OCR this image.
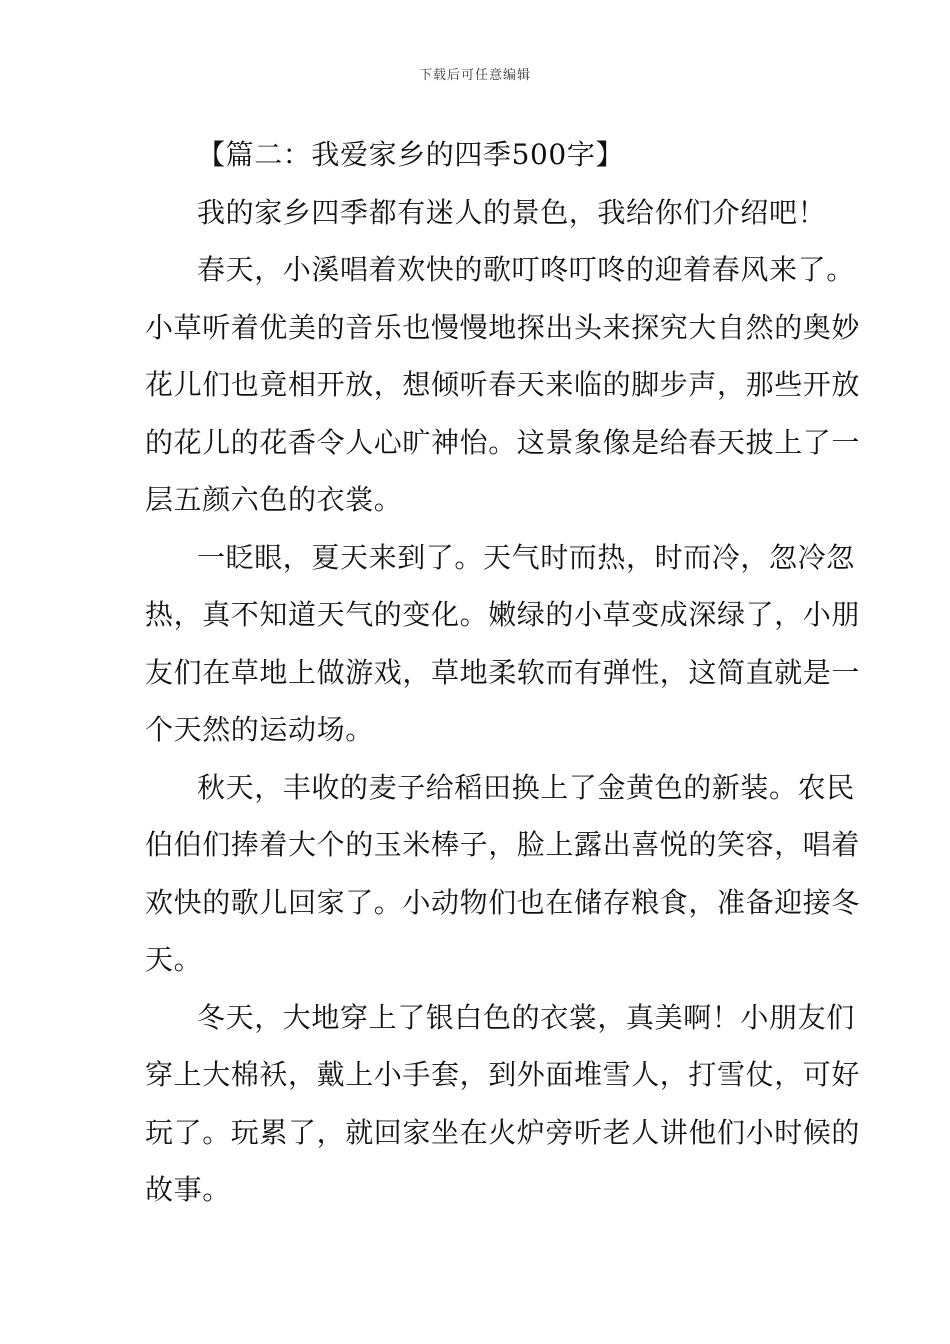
下载后可任意编辑
【篇二：我爱家乡的四季500字】
我的家乡四季都有迷人的景色，我给你们介绍吧！
春天，小溪唱着欢快的歌叮咚叮咚的迎着春风来了。
小草听着优美的音乐也慢慢地探出头来探究大自然的奥妙
花儿们也竟相开放，想倾听春天来临的脚步声，那些开放
的花儿的花香令人心旷神怡。这景象像是给春天披上了一
层五颜六色的衣裳。
一眨眼，夏天来到了。天气时而热，时而冷，忽冷忽
热，真不知道天气的变化。嫩绿的小草变成深绿了，小朋
友们在草地上做游戏，草地柔软而有弹性，这简直就是一
个天然的运动场。
秋天，丰收的麦子给稻田换上了金黄色的新装。农民
伯伯们捧着大个的玉米棒子，脸上露出喜悦的笑容，唱着
欢快的歌儿回家了。小动物们也在储存粮食，准备迎接冬
天。
冬天，大地穿上了银白色的衣裳，真美啊！小朋友们
穿上大棉袄，戴上小手套，到外面堆雪人，打雪仗，可好
玩了。玩累了，就回家坐在火炉旁听老人讲他们小时候的
故事。
